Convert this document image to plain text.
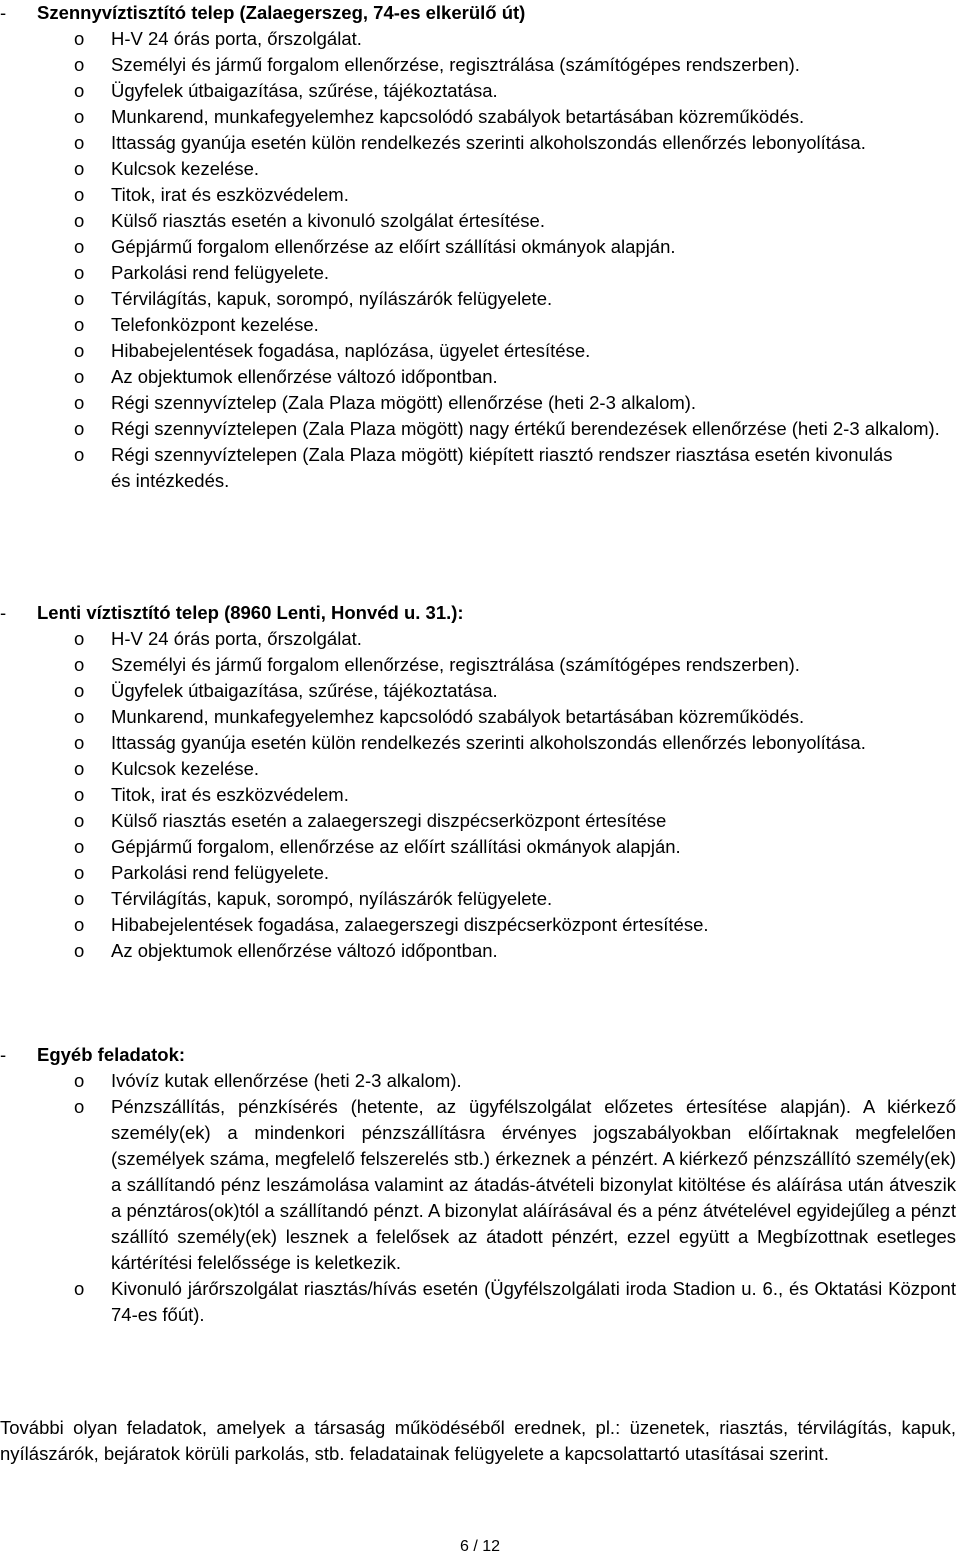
- Szennyvíztisztító telep (Zalaegerszeg, 74-es elkerülő út)
o H-V 24 órás porta, őrszolgálat.
o Személyi és jármű forgalom ellenőrzése, regisztrálása (számítógépes rendszerben).
o Ügyfelek útbaigazítása, szűrése, tájékoztatása.
o Munkarend, munkafegyelemhez kapcsolódó szabályok betartásában közreműködés.
o Ittasság gyanúja esetén külön rendelkezés szerinti alkoholszondás ellenőrzés lebonyolítása.
o Kulcsok kezelése.
o Titok, irat és eszközvédelem.
o Külső riasztás esetén a kivonuló szolgálat értesítése.
o Gépjármű forgalom ellenőrzése az előírt szállítási okmányok alapján.
o Parkolási rend felügyelete.
o Térvilágítás, kapuk, sorompó, nyílászárók felügyelete.
o Telefonközpont kezelése.
o Hibabejelentések fogadása, naplózása, ügyelet értesítése.
o Az objektumok ellenőrzése változó időpontban.
o Régi szennyvíztelep (Zala Plaza mögött) ellenőrzése (heti 2-3 alkalom).
o Régi szennyvíztelepen (Zala Plaza mögött) nagy értékű berendezések ellenőrzése (heti 2-3 alkalom).
o Régi szennyvíztelepen (Zala Plaza mögött) kiépített riasztó rendszer riasztása esetén kivonulás és intézkedés.
- Lenti víztisztító telep (8960 Lenti, Honvéd u. 31.):
o H-V 24 órás porta, őrszolgálat.
o Személyi és jármű forgalom ellenőrzése, regisztrálása (számítógépes rendszerben).
o Ügyfelek útbaigazítása, szűrése, tájékoztatása.
o Munkarend, munkafegyelemhez kapcsolódó szabályok betartásában közreműködés.
o Ittasság gyanúja esetén külön rendelkezés szerinti alkoholszondás ellenőrzés lebonyolítása.
o Kulcsok kezelése.
o Titok, irat és eszközvédelem.
o Külső riasztás esetén a zalaegerszegi diszpécserközpont értesítése
o Gépjármű forgalom, ellenőrzése az előírt szállítási okmányok alapján.
o Parkolási rend felügyelete.
o Térvilágítás, kapuk, sorompó, nyílászárók felügyelete.
o Hibabejelentések fogadása, zalaegerszegi diszpécserközpont értesítése.
o Az objektumok ellenőrzése változó időpontban.
- Egyéb feladatok:
o Ivóvíz kutak ellenőrzése (heti 2-3 alkalom).
o Pénzszállítás, pénzkísérés (hetente, az ügyfélszolgálat előzetes értesítése alapján). A kiérkező személy(ek) a mindenkori pénzszállításra érvényes jogszabályokban előírtaknak megfelelően (személyek száma, megfelelő felszerelés stb.) érkeznek a pénzért. A kiérkező pénzszállító személy(ek) a szállítandó pénz leszámolása valamint az átadás-átvételi bizonylat kitöltése és aláírása után átveszik a pénztáros(ok)tól a szállítandó pénzt. A bizonylat aláírásával és a pénz átvételével egyidejűleg a pénzt szállító személy(ek) lesznek a felelősek az átadott pénzért, ezzel együtt a Megbízottnak esetleges kártérítési felelőssége is keletkezik.
o Kivonuló járőrszolgálat riasztás/hívás esetén (Ügyfélszolgálati iroda Stadion u. 6., és Oktatási Központ 74-es főút).

További olyan feladatok, amelyek a társaság működéséből erednek, pl.: üzenetek, riasztás, térvilágítás, kapuk, nyílászárók, bejáratok körüli parkolás, stb. feladatainak felügyelete a kapcsolattartó utasításai szerint.

6 / 12
